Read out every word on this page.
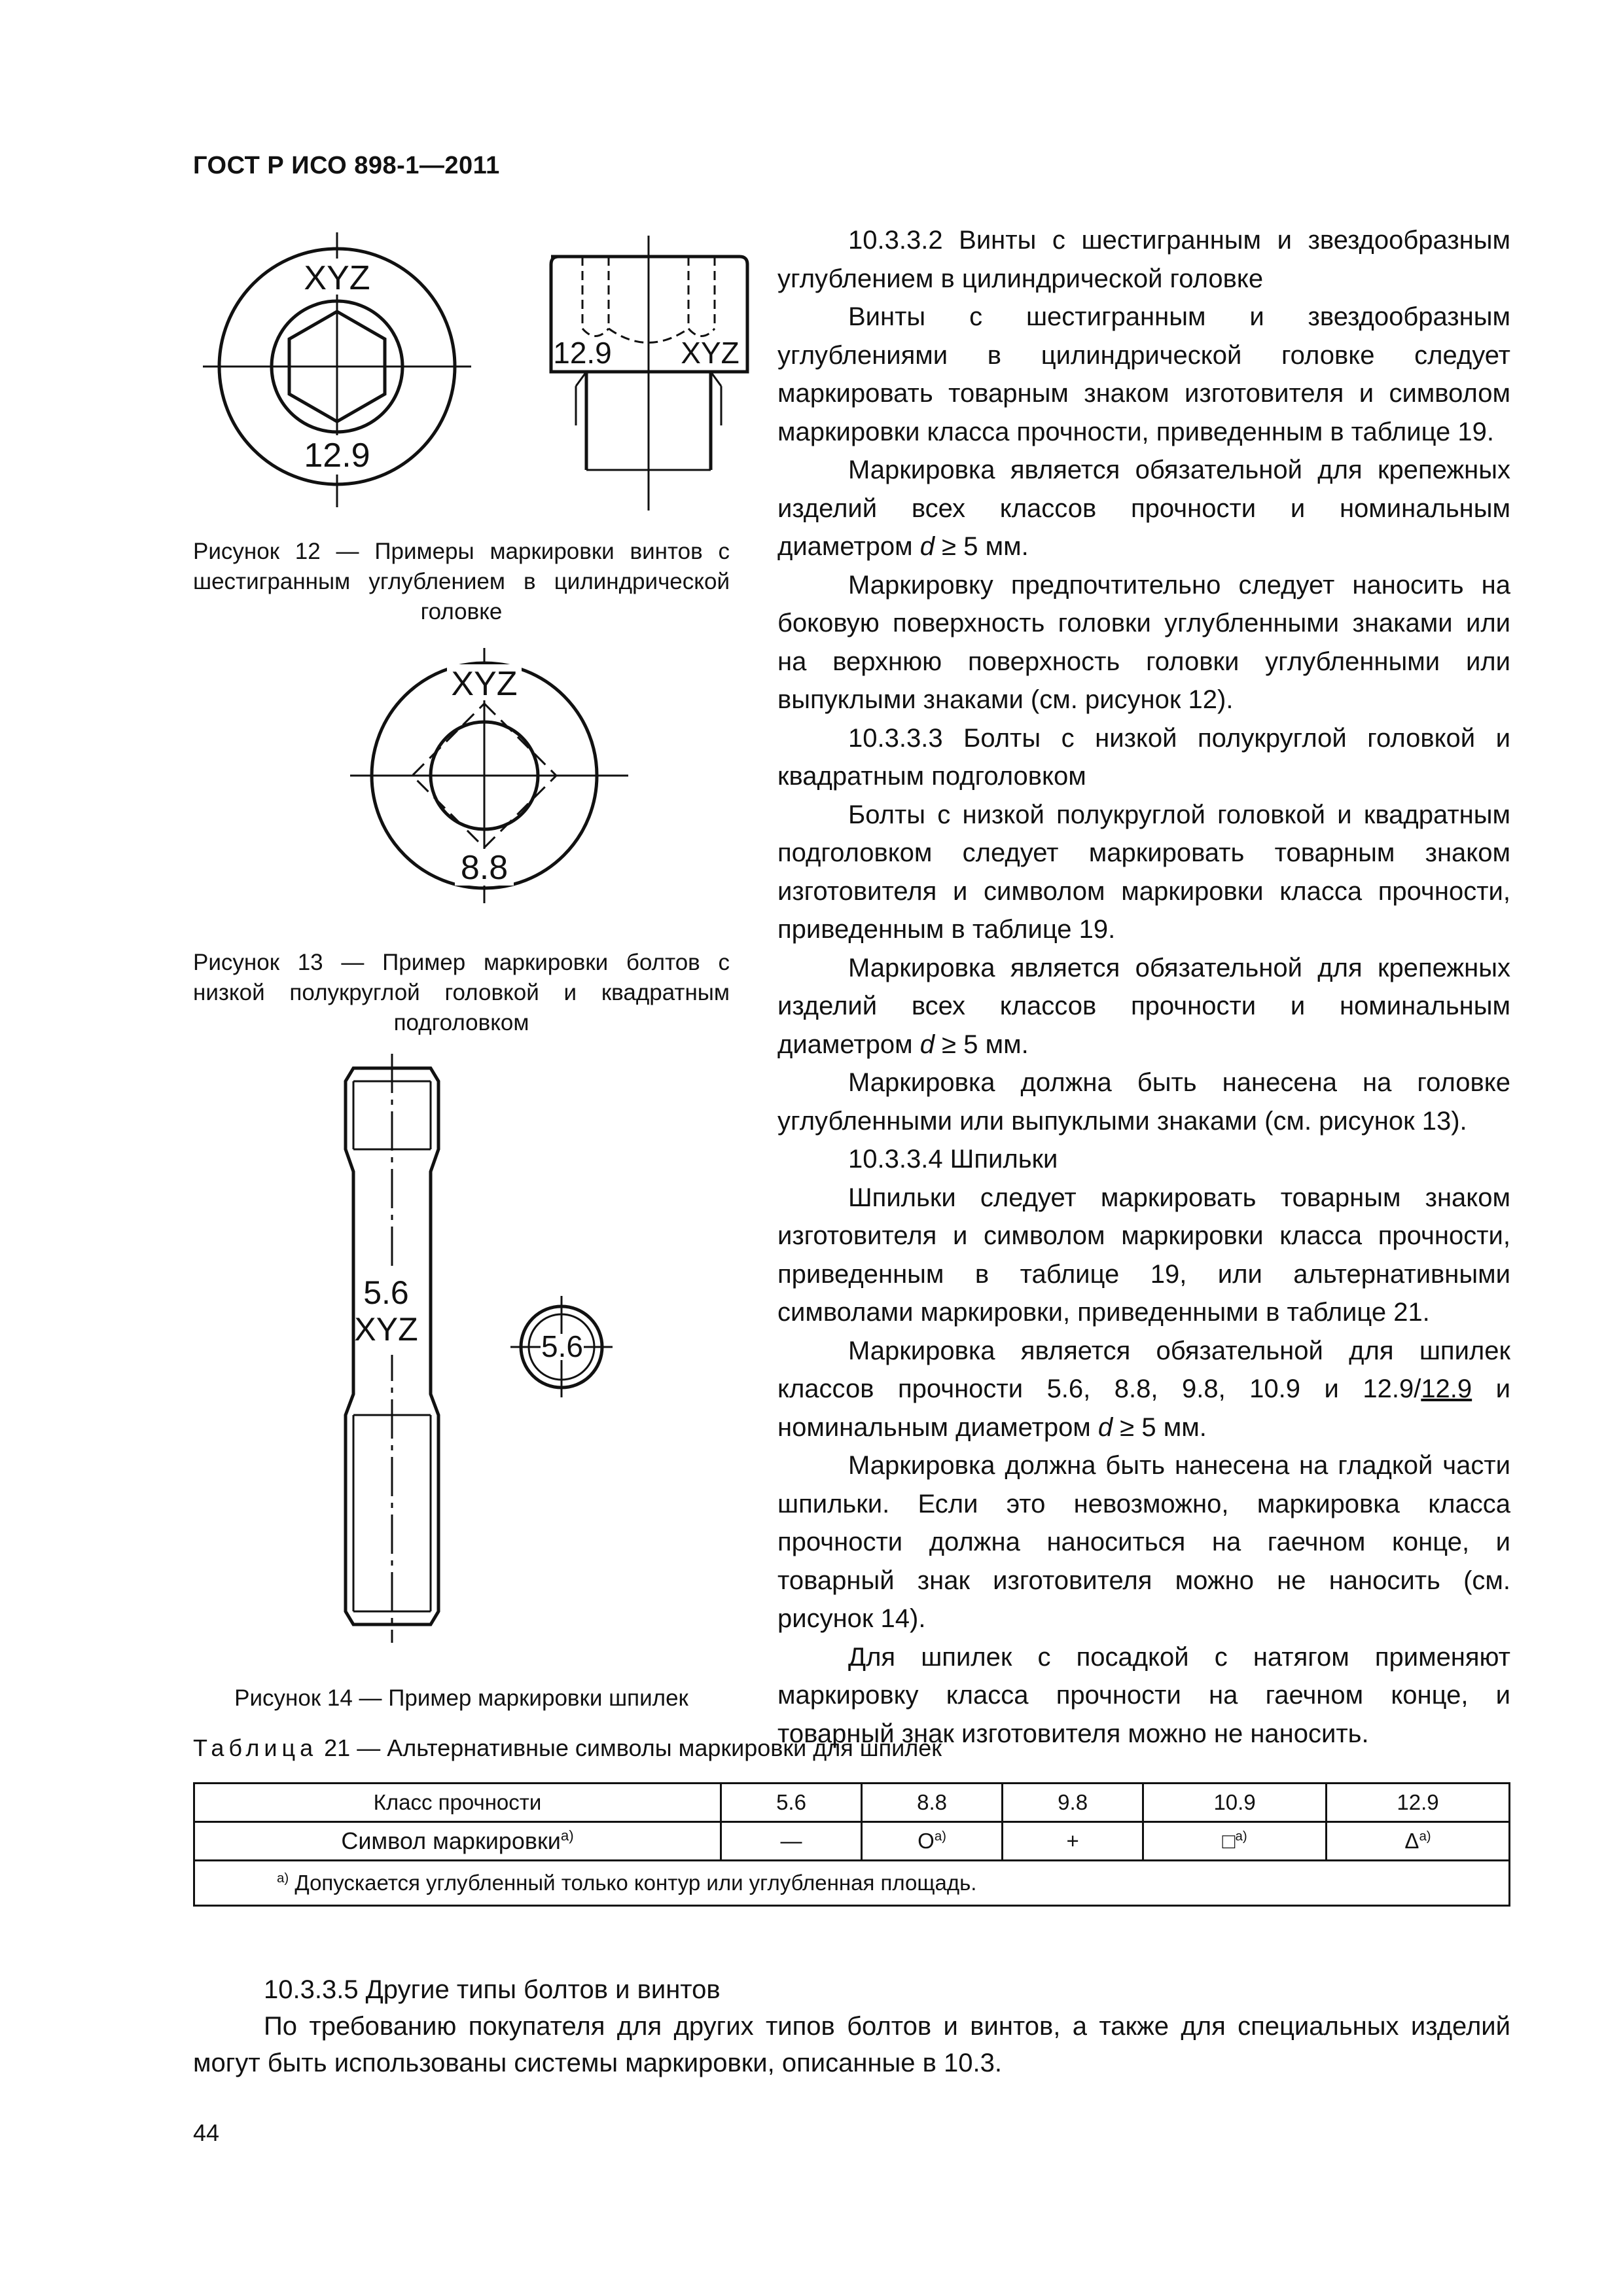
ГОСТ Р ИСО 898-1—2011
XYZ
12.9
12.9 XYZ
Рисунок 12 — Примеры маркировки винтов с шестигранным углублением в цилиндрической головке
XYZ
8.8
Рисунок 13 — Пример маркировки болтов с низкой полукруглой головкой и квадратным подголовком
5.6
XYZ	5.6
Рисунок 14 — Пример маркировки шпилек

10.3.3.2 Винты с шестигранным и звездообразным углублением в цилиндрической головке

Винты с шестигранным и звездообразным углублениями в цилиндрической головке следует маркировать товарным знаком изготовителя и символом маркировки класса прочности, приведенным в таблице 19.

Маркировка является обязательной для крепежных изделий всех классов прочности и номинальным диаметром d ≥ 5 мм.

Маркировку предпочтительно следует наносить на боковую поверхность головки углубленными знаками или на верхнюю поверхность головки углубленными или выпуклыми знаками (см. рисунок 12).

10.3.3.3 Болты с низкой полукруглой головкой и квадратным подголовком

Болты с низкой полукруглой головкой и квадратным подголовком следует маркировать товарным знаком изготовителя и символом маркировки класса прочности, приведенным в таблице 19.

Маркировка является обязательной для крепежных изделий всех классов прочности и номинальным диаметром d ≥ 5 мм.

Маркировка должна быть нанесена на головке углубленными или выпуклыми знаками (см. рисунок 13).

10.3.3.4 Шпильки

Шпильки следует маркировать товарным знаком изготовителя и символом маркировки класса прочности, приведенным в таблице 19, или альтернативными символами маркировки, приведенными в таблице 21.

Маркировка является обязательной для шпилек классов прочности 5.6, 8.8, 9.8, 10.9 и 12.9/12.9 и номинальным диаметром d ≥ 5 мм.

Маркировка должна быть нанесена на гладкой части шпильки. Если это невозможно, маркировка класса прочности должна наноситься на гаечном конце, и товарный знак изготовителя можно не наносить (см. рисунок 14).

Для шпилек с посадкой с натягом применяют маркировку класса прочности на гаечном конце, и товарный знак изготовителя можно не наносить.

Таблица 21 — Альтернативные символы маркировки для шпилек
Класс прочности	5.6	8.8	9.8	10.9	12.9
Символ маркировки$^{а)}$	—	$O^{а)}$	+	□$^{а)}$	$\Delta^{а)}$
$^{а)}$ Допускается углубленный только контур или углубленная площадь.					
10.3.3.5 Другие типы болтов и винтов
По требованию покупателя для других типов болтов и винтов, а также для специальных изделий могут быть использованы системы маркировки, описанные в 10.3.
44
